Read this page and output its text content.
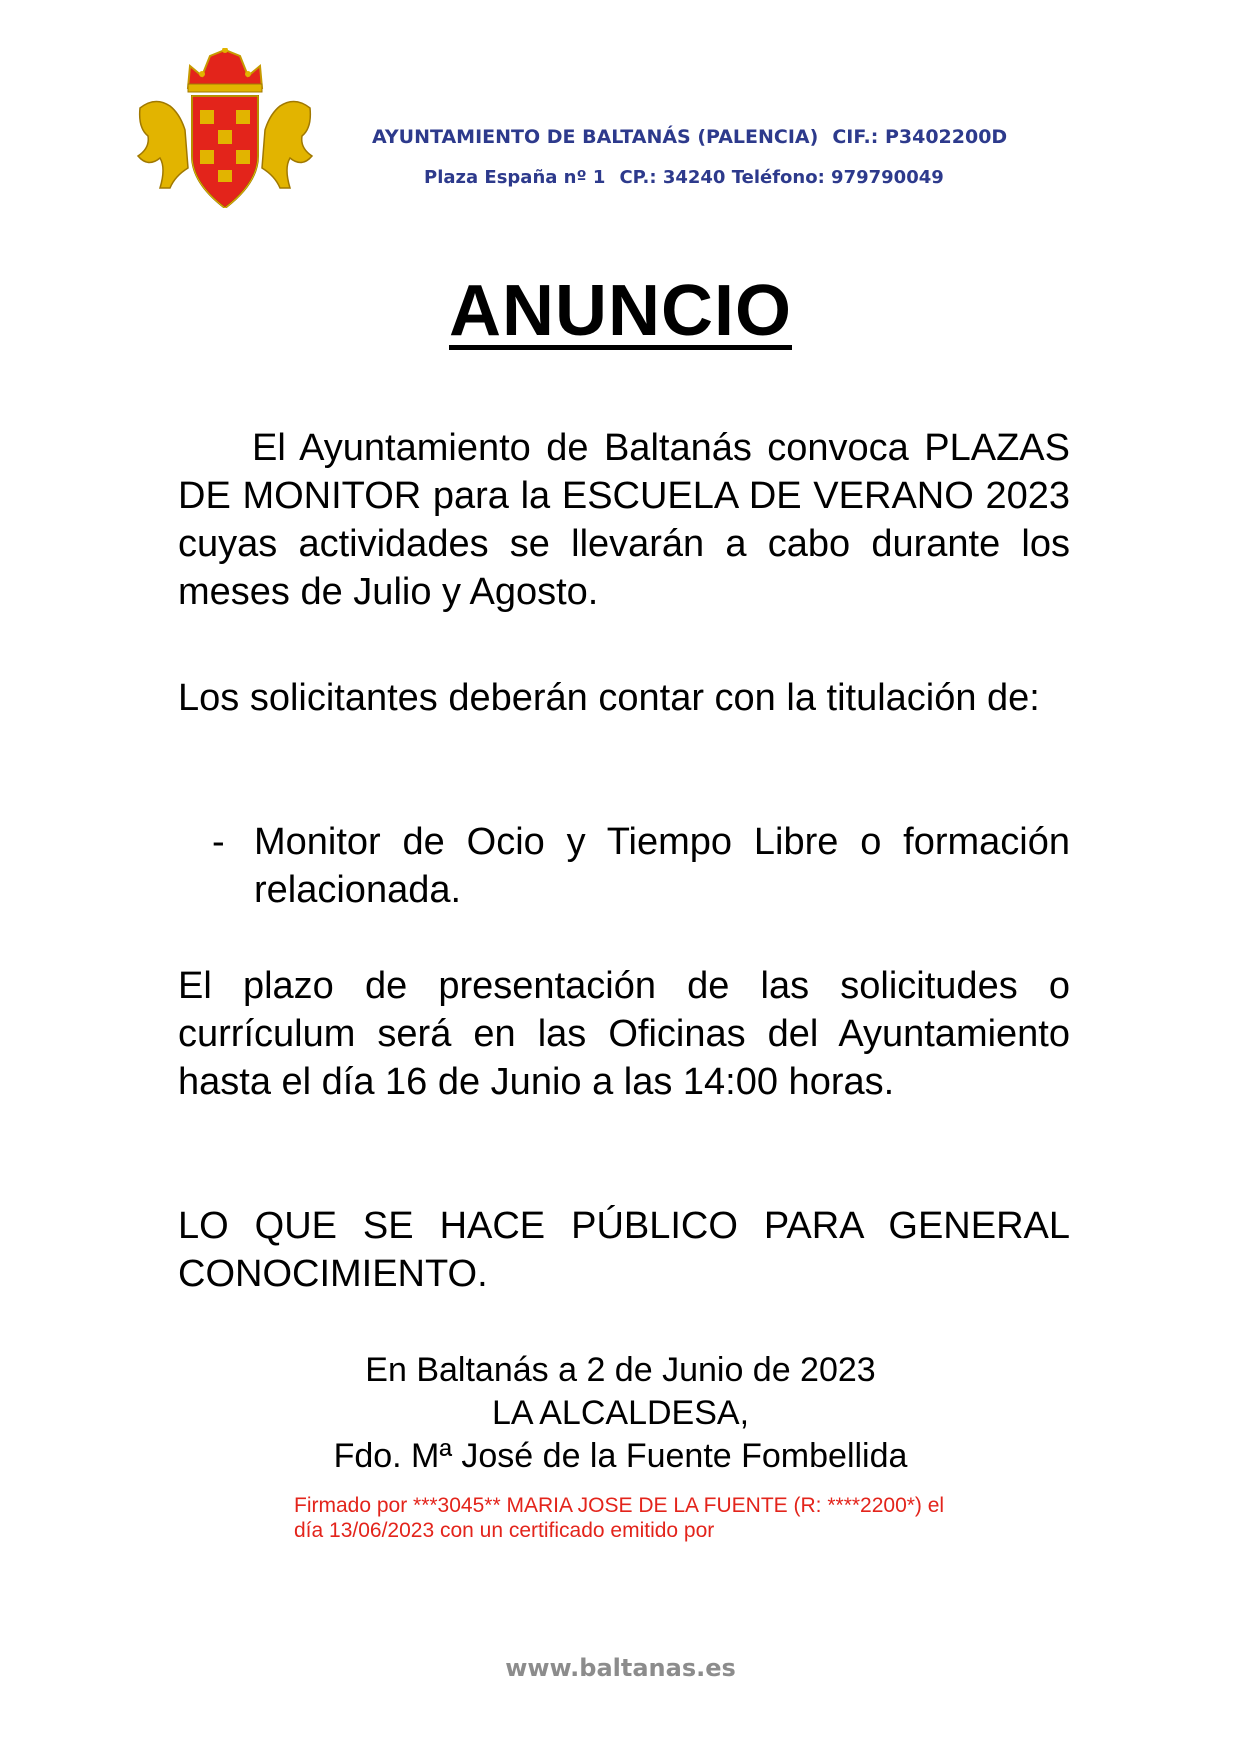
AYUNTAMIENTO DE BALTANÁS (PALENCIA) CIF.: P3402200D
Plaza España nº 1 CP.: 34240 Teléfono: 979790049
ANUNCIO
El Ayuntamiento de Baltanás convoca PLAZAS DE MONITOR para la ESCUELA DE VERANO 2023 cuyas actividades se llevarán a cabo durante los meses de Julio y Agosto.
Los solicitantes deberán contar con la titulación de:
- Monitor de Ocio y Tiempo Libre o formación relacionada.
El plazo de presentación de las solicitudes o currículum será en las Oficinas del Ayuntamiento hasta el día 16 de Junio a las 14:00 horas.
LO QUE SE HACE PÚBLICO PARA GENERAL CONOCIMIENTO.
En Baltanás a 2 de Junio de 2023
LA ALCALDESA,
Fdo. Mª José de la Fuente Fombellida
Firmado por ***3045** MARIA JOSE DE LA FUENTE (R: ****2200*) el día 13/06/2023 con un certificado emitido por
www.baltanas.es
